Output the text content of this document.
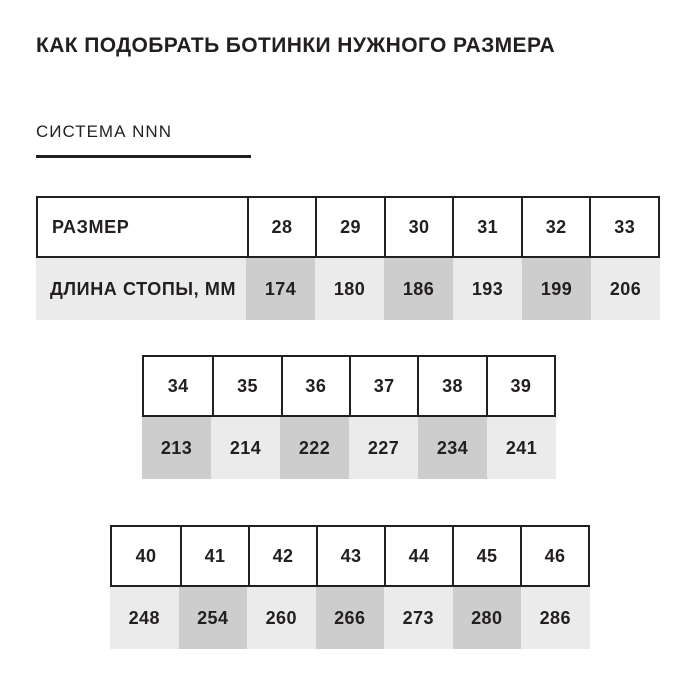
КАК ПОДОБРАТЬ БОТИНКИ НУЖНОГО РАЗМЕРА
СИСТЕМА NNN
РАЗМЕР	28	29	30	31	32	33
ДЛИНА СТОПЫ, ММ	174	180	186	193	199	206
34	35	36	37	38	39
213	214	222	227	234	241
40	41	42	43	44	45	46
248	254	260	266	273	280	286
